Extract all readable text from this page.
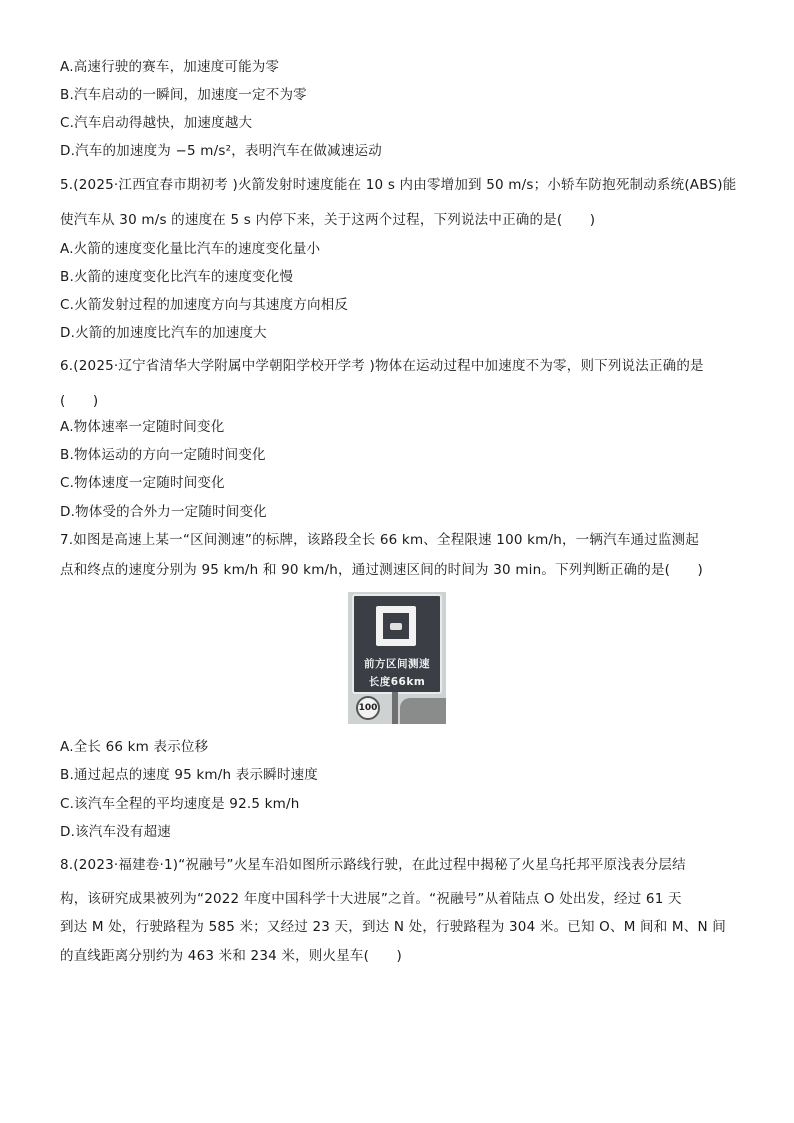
A.高速行驶的赛车，加速度可能为零
B.汽车启动的一瞬间，加速度一定不为零
C.汽车启动得越快，加速度越大
D.汽车的加速度为 −5 m/s²，表明汽车在做减速运动
5.(2025·江西宜春市期初考 )火箭发射时速度能在 10 s 内由零增加到 50 m/s；小轿车防抱死制动系统(ABS)能
使汽车从 30 m/s 的速度在 5 s 内停下来，关于这两个过程，下列说法中正确的是(　　)
A.火箭的速度变化量比汽车的速度变化量小
B.火箭的速度变化比汽车的速度变化慢
C.火箭发射过程的加速度方向与其速度方向相反
D.火箭的加速度比汽车的加速度大
6.(2025·辽宁省清华大学附属中学朝阳学校开学考 )物体在运动过程中加速度不为零，则下列说法正确的是
(　　)
A.物体速率一定随时间变化
B.物体运动的方向一定随时间变化
C.物体速度一定随时间变化
D.物体受的合外力一定随时间变化
7.如图是高速上某一“区间测速”的标牌，该路段全长 66 km、全程限速 100 km/h，一辆汽车通过监测起
点和终点的速度分别为 95 km/h 和 90 km/h，通过测速区间的时间为 30 min。下列判断正确的是(　　)
前方区间测速
长度66km
100
A.全长 66 km 表示位移
B.通过起点的速度 95 km/h 表示瞬时速度
C.该汽车全程的平均速度是 92.5 km/h
D.该汽车没有超速
8.(2023·福建卷·1)“祝融号”火星车沿如图所示路线行驶，在此过程中揭秘了火星乌托邦平原浅表分层结
构，该研究成果被列为“2022 年度中国科学十大进展”之首。“祝融号”从着陆点 O 处出发，经过 61 天
到达 M 处，行驶路程为 585 米；又经过 23 天，到达 N 处，行驶路程为 304 米。已知 O、M 间和 M、N 间
的直线距离分别约为 463 米和 234 米，则火星车(　　)
